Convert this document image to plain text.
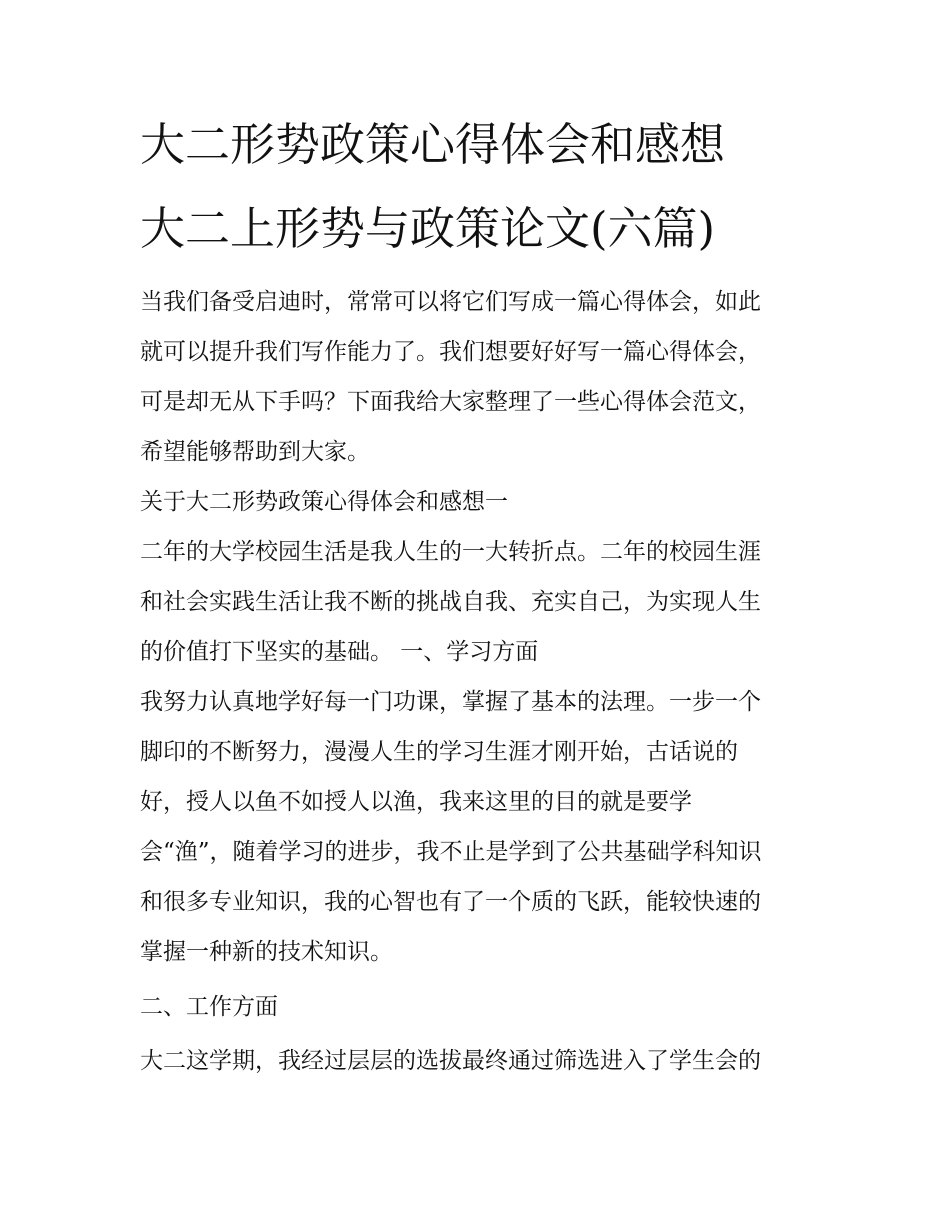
大二形势政策心得体会和感想
大二上形势与政策论文(六篇)
当我们备受启迪时，常常可以将它们写成一篇心得体会，如此
就可以提升我们写作能力了。我们想要好好写一篇心得体会，
可是却无从下手吗？下面我给大家整理了一些心得体会范文，
希望能够帮助到大家。
关于大二形势政策心得体会和感想一
二年的大学校园生活是我人生的一大转折点。二年的校园生涯
和社会实践生活让我不断的挑战自我、充实自己，为实现人生
的价值打下坚实的基础。 一、学习方面
我努力认真地学好每一门功课，掌握了基本的法理。一步一个
脚印的不断努力，漫漫人生的学习生涯才刚开始，古话说的
好，授人以鱼不如授人以渔，我来这里的目的就是要学
会“渔”，随着学习的进步，我不止是学到了公共基础学科知识
和很多专业知识，我的心智也有了一个质的飞跃，能较快速的
掌握一种新的技术知识。
二、工作方面
大二这学期，我经过层层的选拔最终通过筛选进入了学生会的
